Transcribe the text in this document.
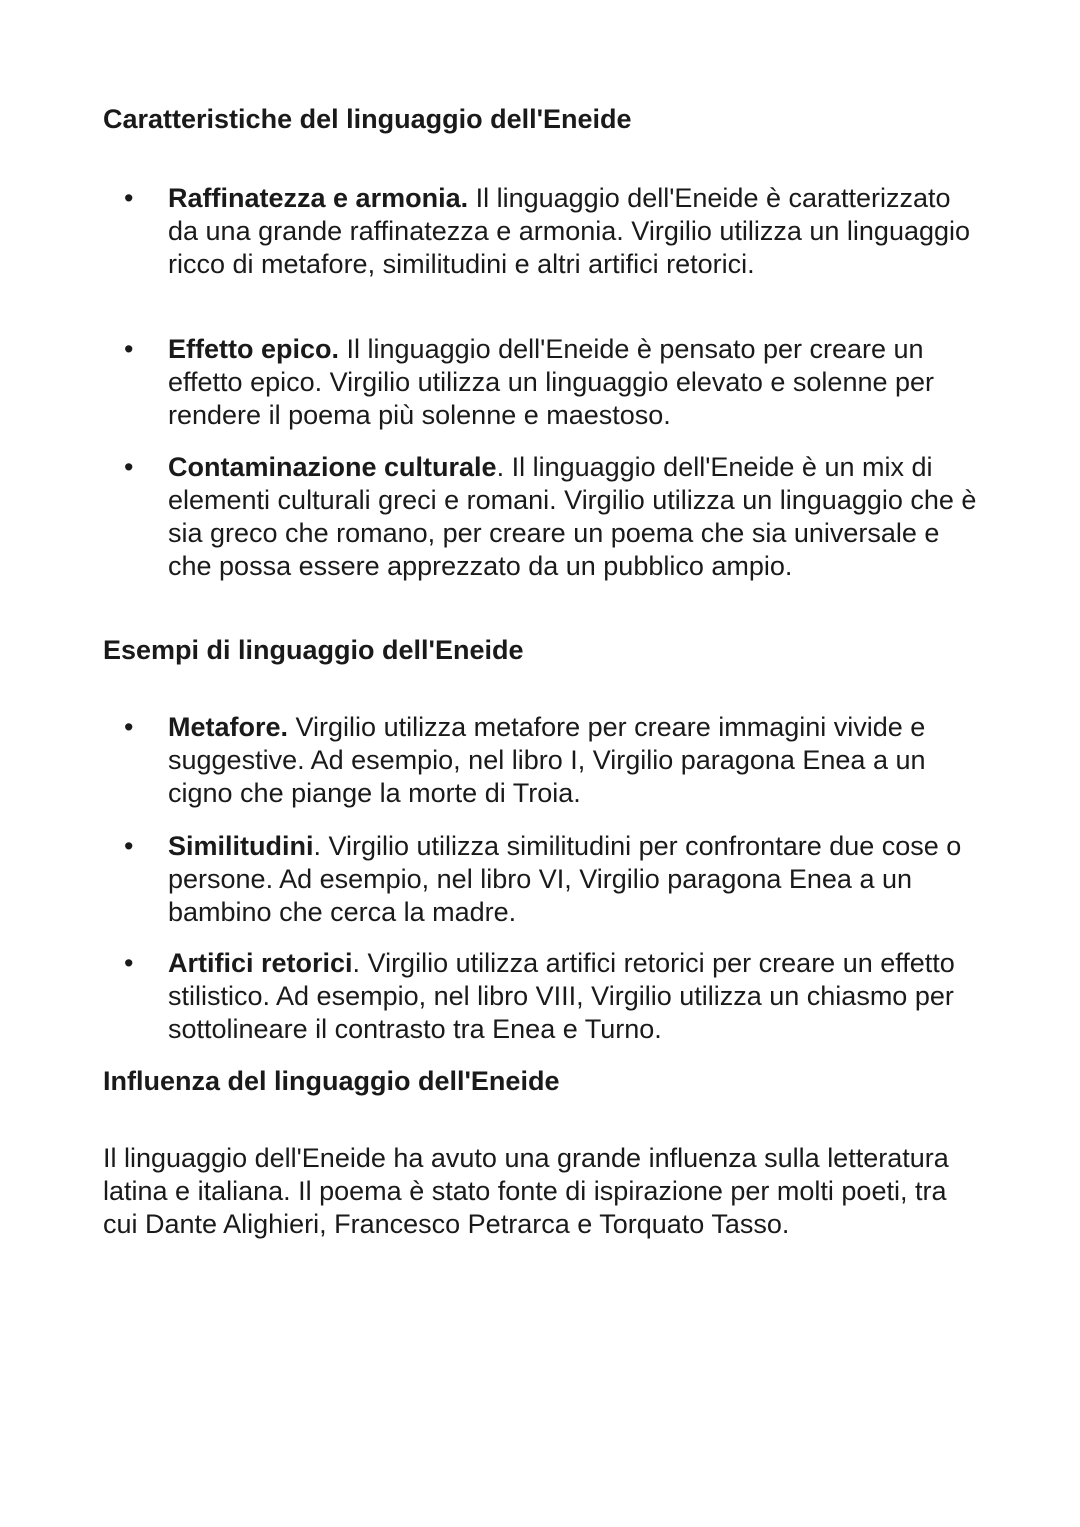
Caratteristiche del linguaggio dell'Eneide
• Raffinatezza e armonia. Il linguaggio dell'Eneide è caratterizzato da una grande raffinatezza e armonia. Virgilio utilizza un linguaggio ricco di metafore, similitudini e altri artifici retorici.
• Effetto epico. Il linguaggio dell'Eneide è pensato per creare un effetto epico. Virgilio utilizza un linguaggio elevato e solenne per rendere il poema più solenne e maestoso.
• Contaminazione culturale. Il linguaggio dell'Eneide è un mix di elementi culturali greci e romani. Virgilio utilizza un linguaggio che è sia greco che romano, per creare un poema che sia universale e che possa essere apprezzato da un pubblico ampio.
Esempi di linguaggio dell'Eneide
• Metafore. Virgilio utilizza metafore per creare immagini vivide e suggestive. Ad esempio, nel libro I, Virgilio paragona Enea a un cigno che piange la morte di Troia.
• Similitudini. Virgilio utilizza similitudini per confrontare due cose o persone. Ad esempio, nel libro VI, Virgilio paragona Enea a un bambino che cerca la madre.
• Artifici retorici. Virgilio utilizza artifici retorici per creare un effetto stilistico. Ad esempio, nel libro VIII, Virgilio utilizza un chiasmo per sottolineare il contrasto tra Enea e Turno.
Influenza del linguaggio dell'Eneide

Il linguaggio dell'Eneide ha avuto una grande influenza sulla letteratura latina e italiana. Il poema è stato fonte di ispirazione per molti poeti, tra cui Dante Alighieri, Francesco Petrarca e Torquato Tasso.
